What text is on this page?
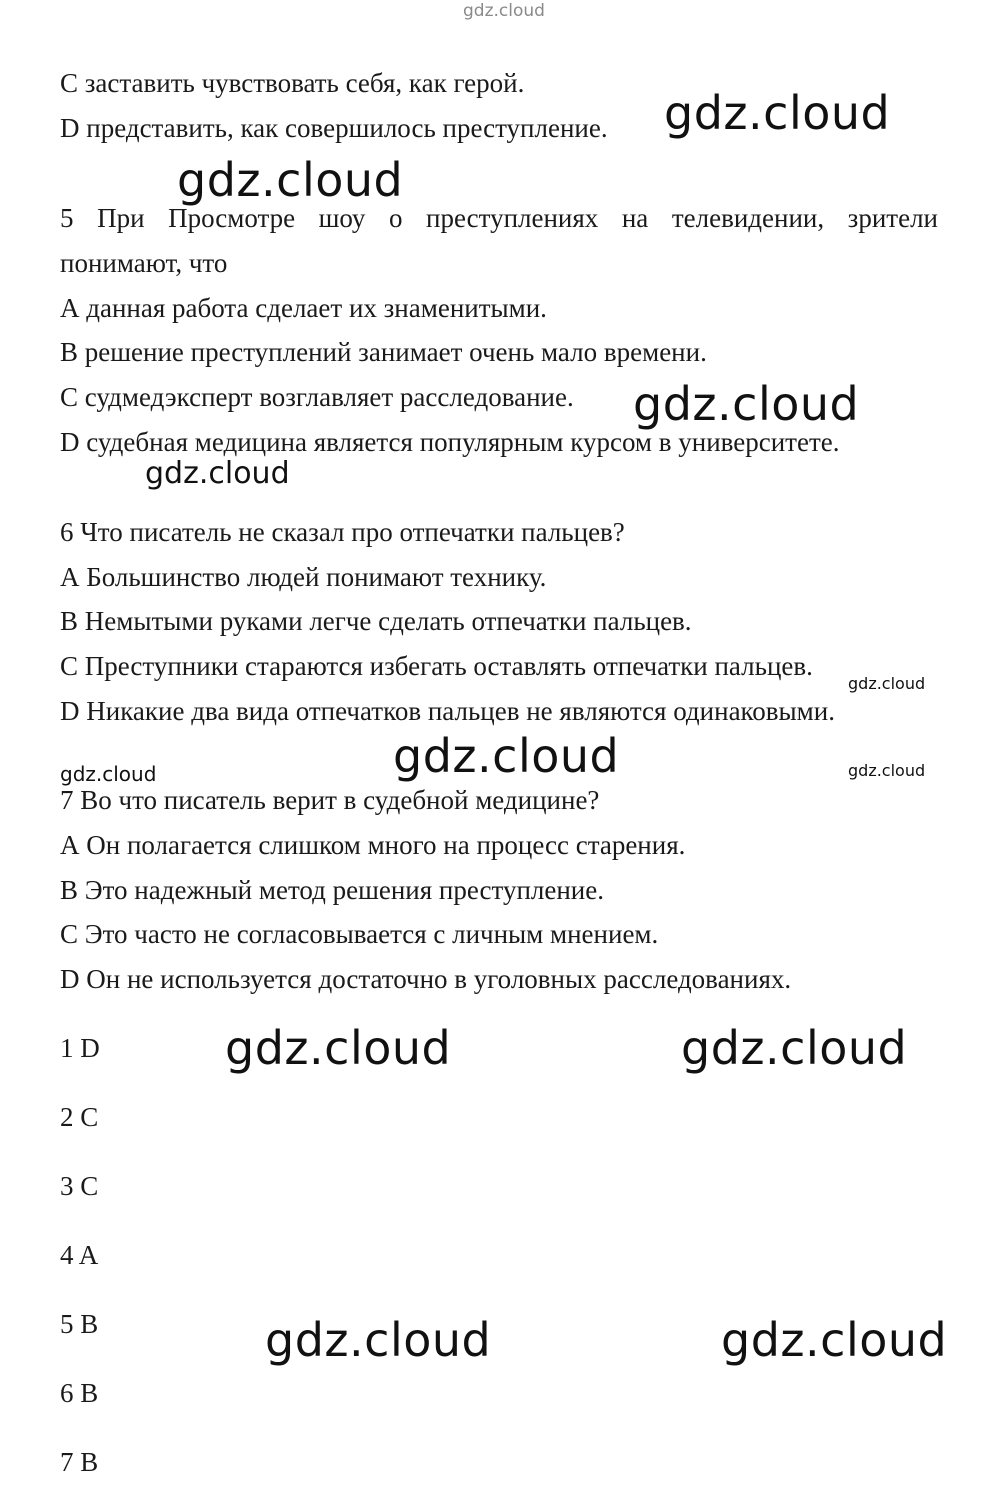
gdz.cloud
С заставить чувствовать себя, как герой.
D представить, как совершилось преступление.
5 При Просмотре шоу о преступлениях на телевидении, зрители
понимают, что
А данная работа сделает их знаменитыми.
В решение преступлений занимает очень мало времени.
С судмедэксперт возглавляет расследование.
D судебная медицина является популярным курсом в университете.
6 Что писатель не сказал про отпечатки пальцев?
А Большинство людей понимают технику.
В Немытыми руками легче сделать отпечатки пальцев.
С Преступники стараются избегать оставлять отпечатки пальцев.
D Никакие два вида отпечатков пальцев не являются одинаковыми.
7 Во что писатель верит в судебной медицине?
А Он полагается слишком много на процесс старения.
В Это надежный метод решения преступление.
С Это часто не согласовывается с личным мнением.
D Он не используется достаточно в уголовных расследованиях.
1 D
2 C
3 C
4 A
5 B
6 B
7 B
gdz.cloud
gdz.cloud
gdz.cloud
gdz.cloud
gdz.cloud
gdz.cloud
gdz.cloud	gdz.cloud
gdz.cloud	gdz.cloud
gdz.cloud	gdz.cloud
